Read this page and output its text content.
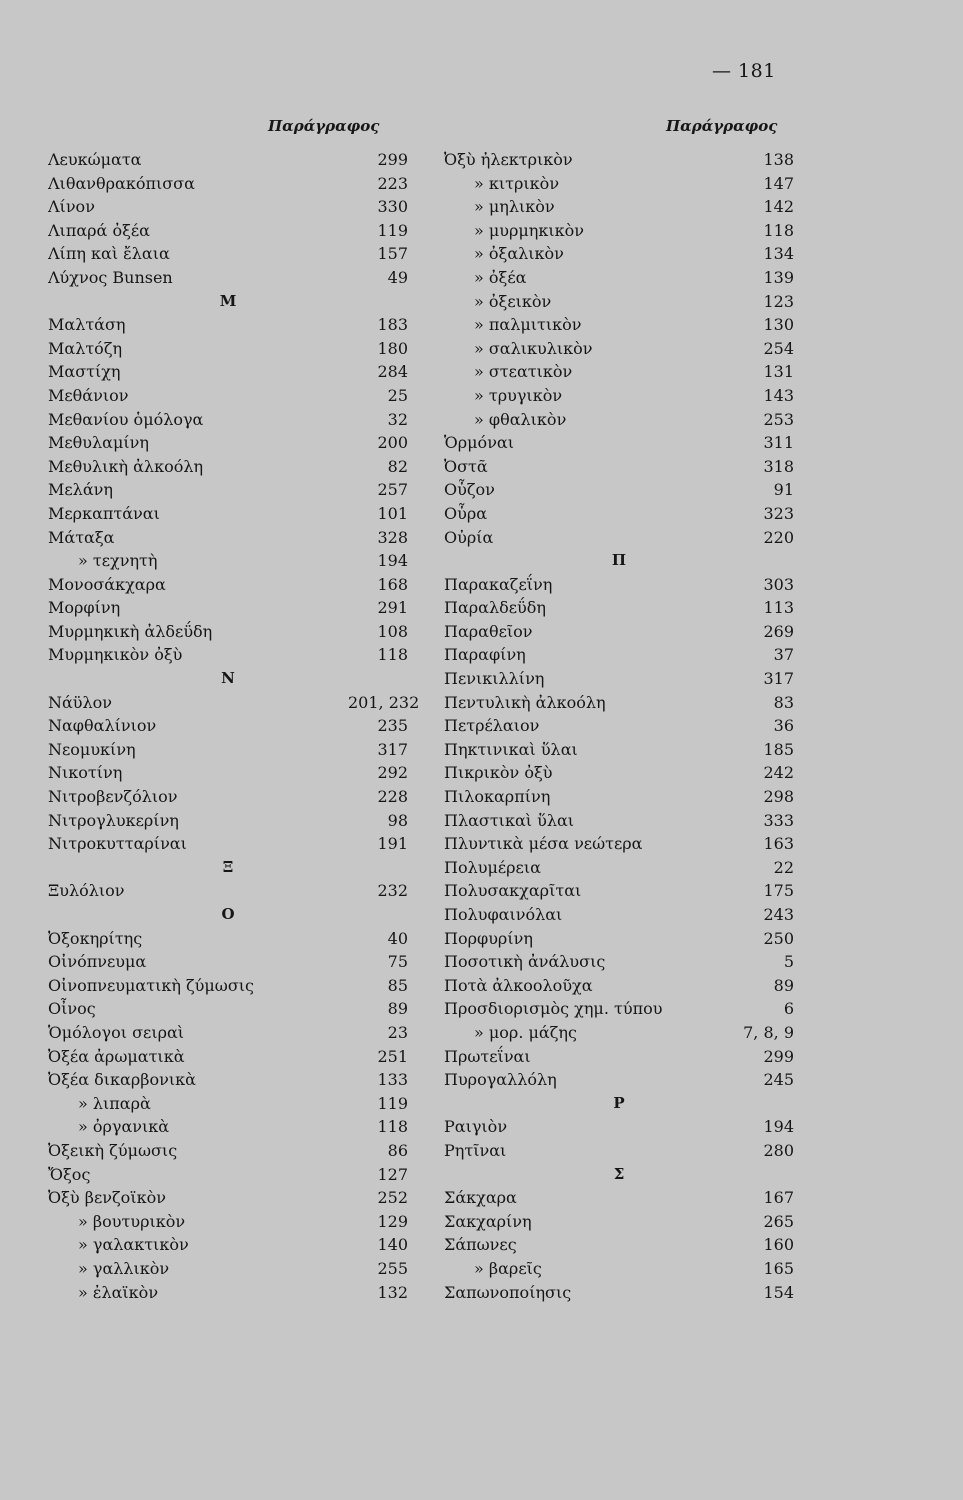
— 181
Παράγραφος
Λευκώματα	299
Λιθανθρακόπισσα	223
Λίνον	330
Λιπαρά ὀξέα	119
Λίπη καὶ ἔλαια	157
Λύχνος Bunsen	49
Μ
Μαλτάση	183
Μαλτόζη	180
Μαστίχη	284
Μεθάνιον	25
Μεθανίου ὁμόλογα	32
Μεθυλαμίνη	200
Μεθυλικὴ ἀλκοόλη	82
Μελάνη	257
Μερκαπτάναι	101
Μάταξα	328
» τεχνητὴ	194
Μονοσάκχαρα	168
Μορφίνη	291
Μυρμηκικὴ ἀλδεΰδη	108
Μυρμηκικὸν ὀξὺ	118
Ν
Νάϋλον	201, 232
Ναφθαλίνιον	235
Νεομυκίνη	317
Νικοτίνη	292
Νιτροβενζόλιον	228
Νιτρογλυκερίνη	98
Νιτροκυτταρίναι	191
Ξ
Ξυλόλιον	232
Ο
Ὀξοκηρίτης	40
Οἰνόπνευμα	75
Οἰνοπνευματικὴ ζύμωσις	85
Οἶνος	89
Ὁμόλογοι σειραὶ	23
Ὀξέα ἀρωματικὰ	251
Ὀξέα δικαρβονικὰ	133
» λιπαρὰ	119
» ὀργανικὰ	118
Ὀξεικὴ ζύμωσις	86
Ὄξος	127
Ὀξὺ βενζοϊκὸν	252
» βουτυρικὸν	129
» γαλακτικὸν	140
» γαλλικὸν	255
» ἐλαϊκὸν	132
Παράγραφος
Ὀξὺ ἠλεκτρικὸν	138
» κιτρικὸν	147
» μηλικὸν	142
» μυρμηκικὸν	118
» ὀξαλικὸν	134
» ὀξέα	139
» ὀξεικὸν	123
» παλμιτικὸν	130
» σαλικυλικὸν	254
» στεατικὸν	131
» τρυγικὸν	143
» φθαλικὸν	253
Ὁρμόναι	311
Ὀστᾶ	318
Οὖζον	91
Οὖρα	323
Οὐρία	220
Π
Παρακαζεΐνη	303
Παραλδεΰδη	113
Παραθεῖον	269
Παραφίνη	37
Πενικιλλίνη	317
Πεντυλικὴ ἀλκοόλη	83
Πετρέλαιον	36
Πηκτινικαὶ ὕλαι	185
Πικρικὸν ὀξὺ	242
Πιλοκαρπίνη	298
Πλαστικαὶ ὕλαι	333
Πλυντικὰ μέσα νεώτερα	163
Πολυμέρεια	22
Πολυσακχαρῖται	175
Πολυφαινόλαι	243
Πορφυρίνη	250
Ποσοτικὴ ἀνάλυσις	5
Ποτὰ ἀλκοολοῦχα	89
Προσδιορισμὸς χημ. τύπου	6
» μορ. μάζης	7, 8, 9
Πρωτεΐναι	299
Πυρογαλλόλη	245
Ρ
Ραιγιὸν	194
Ρητῖναι	280
Σ
Σάκχαρα	167
Σακχαρίνη	265
Σάπωνες	160
» βαρεῖς	165
Σαπωνοποίησις	154
